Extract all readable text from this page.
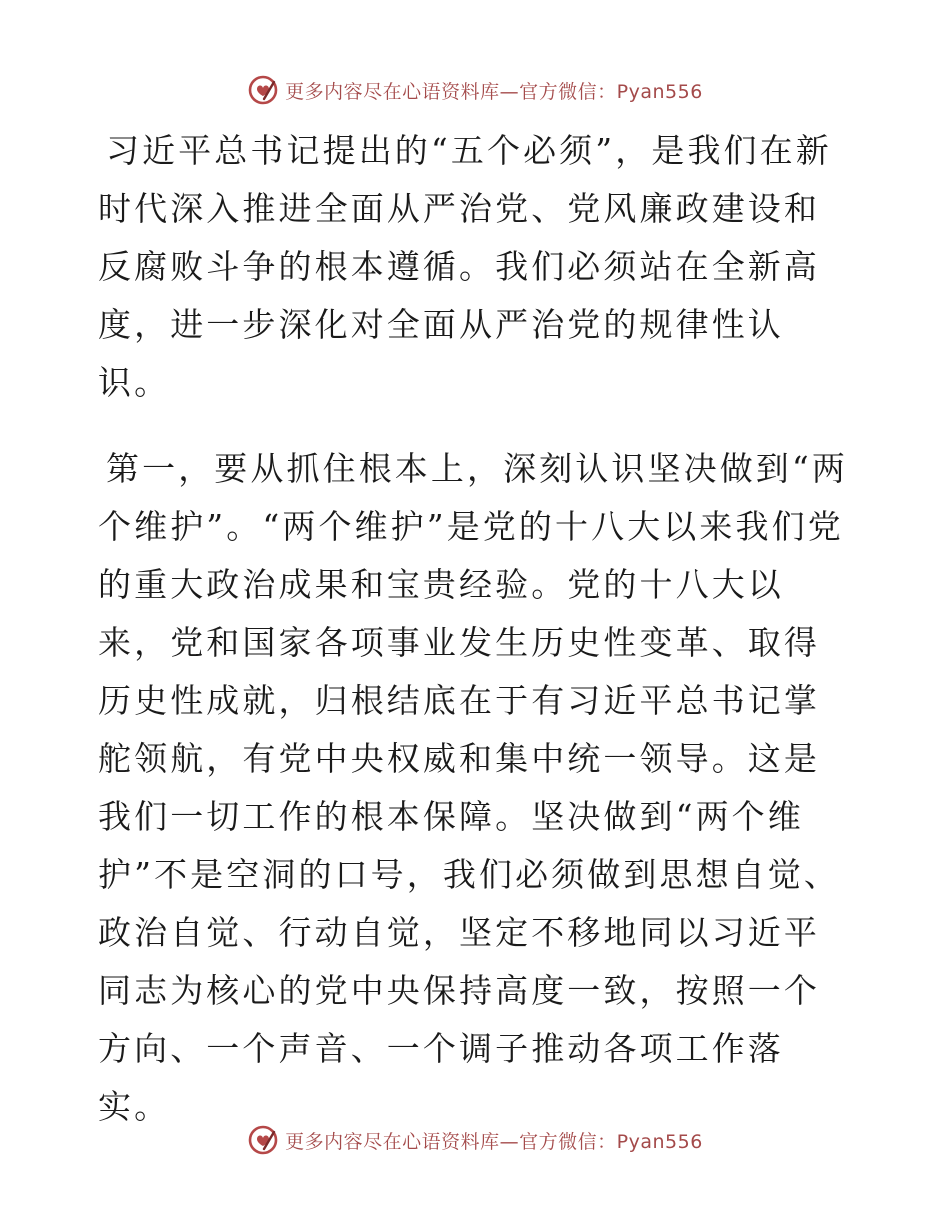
更多内容尽在心语资料库—官方微信：Pyan556

习近平总书记提出的“五个必须”，是我们在新时代深入推进全面从严治党、党风廉政建设和反腐败斗争的根本遵循。我们必须站在全新高度，进一步深化对全面从严治党的规律性认识。

第一，要从抓住根本上，深刻认识坚决做到“两个维护”。“两个维护”是党的十八大以来我们党的重大政治成果和宝贵经验。党的十八大以来，党和国家各项事业发生历史性变革、取得历史性成就，归根结底在于有习近平总书记掌舵领航，有党中央权威和集中统一领导。这是我们一切工作的根本保障。坚决做到“两个维护”不是空洞的口号，我们必须做到思想自觉、政治自觉、行动自觉，坚定不移地同以习近平同志为核心的党中央保持高度一致，按照一个方向、一个声音、一个调子推动各项工作落实。

更多内容尽在心语资料库—官方微信：Pyan556
